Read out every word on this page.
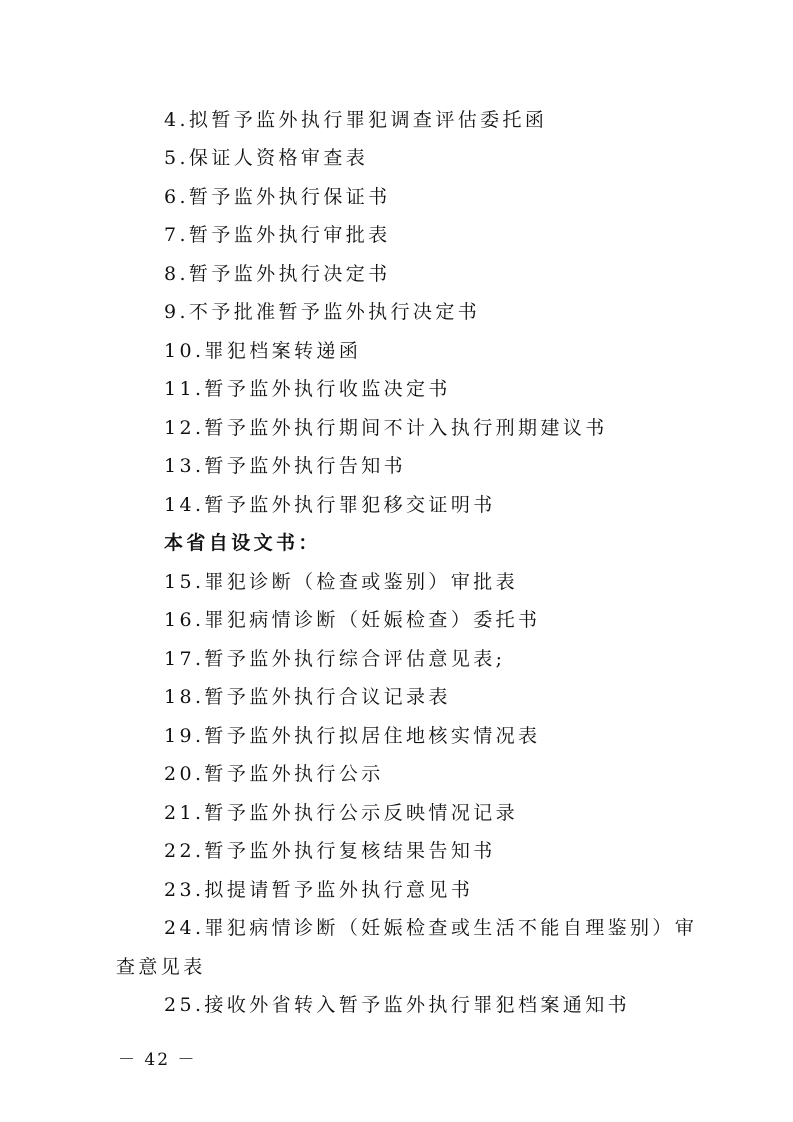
4.拟暂予监外执行罪犯调查评估委托函
5.保证人资格审查表
6.暂予监外执行保证书
7.暂予监外执行审批表
8.暂予监外执行决定书
9.不予批准暂予监外执行决定书
10.罪犯档案转递函
11.暂予监外执行收监决定书
12.暂予监外执行期间不计入执行刑期建议书
13.暂予监外执行告知书
14.暂予监外执行罪犯移交证明书
本省自设文书：
15.罪犯诊断（检查或鉴别）审批表
16.罪犯病情诊断（妊娠检查）委托书
17.暂予监外执行综合评估意见表;
18.暂予监外执行合议记录表
19.暂予监外执行拟居住地核实情况表
20.暂予监外执行公示
21.暂予监外执行公示反映情况记录
22.暂予监外执行复核结果告知书
23.拟提请暂予监外执行意见书
24.罪犯病情诊断（妊娠检查或生活不能自理鉴别）审
查意见表
25.接收外省转入暂予监外执行罪犯档案通知书
－ 42 －
